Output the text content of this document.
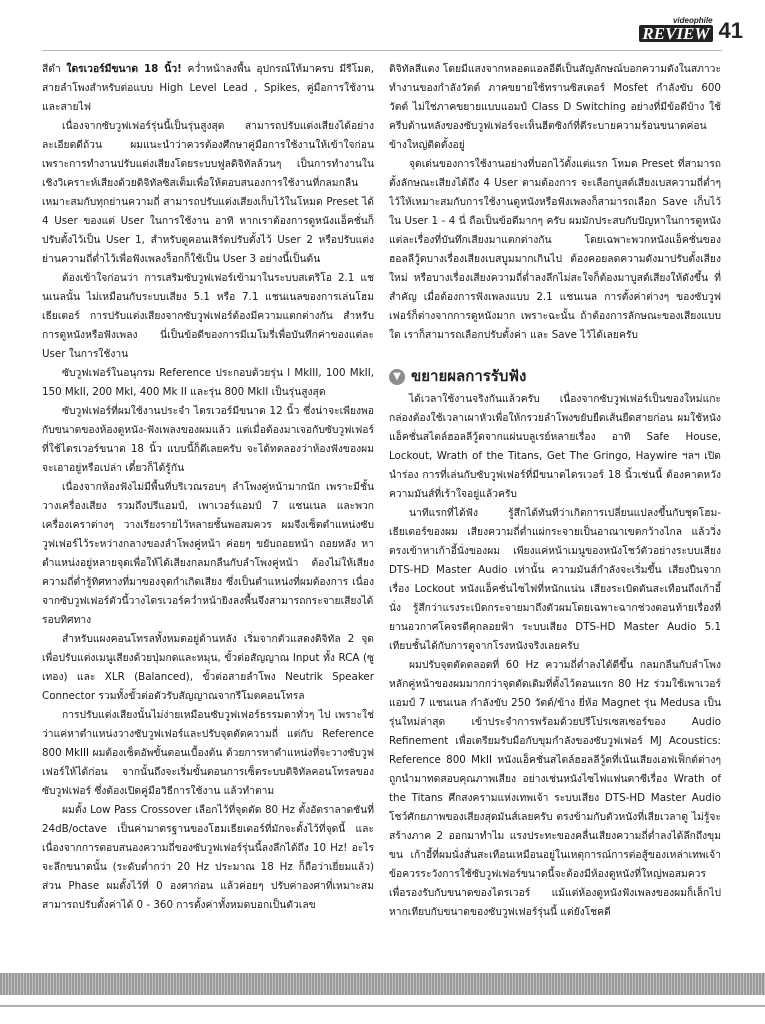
videophile
REVIEW 41

สีดำ ใดรเวอร์มีขนาด 18 นิ้ว! คว่ำหน้าลงพื้น อุปกรณ์ให้มาครบ มีรีโมต, สายลำโพงสำหรับต่อแบบ High Level Lead , Spikes, คู่มือการใช้งาน และสายไฟ

เนื่องจากซับวูฟเฟอร์รุ่นนี้เป็นรุ่นสูงสุด สามารถปรับแต่งเสียงได้อย่างละเอียดดีถ้วน ผมแนะนำว่าควรต้องศึกษาคู่มือการใช้งานให้เข้าใจก่อน เพราะการทำงานปรับแต่งเสียงโดยระบบฟูลดิจิทัลล้วนๆ เป็นการทำงานในเชิงวิเคราะห์เสียงด้วยดิจิทัลซิสเต็มเพื่อให้ตอบสนองการใช้งานที่กลมกลืนเหมาะสมกับทุกย่านความถี่ สามารถปรับแต่งเสียงเก็บไว้ในโหมด Preset ได้ 4 User ของแต่ User ในการใช้งาน อาทิ หากเราต้องการดูหนังแอ็คชั่นก็ปรับตั้งไว้เป็น User 1, สำหรับดูคอนเสิร์ตปรับตั้งไว้ User 2 หรือปรับแต่งย่านความถี่ต่ำไว้เพื่อฟังเพลงร็อกก็ใช้เป็น User 3 อย่างนี้เป็นต้น

ต้องเข้าใจก่อนว่า การเสริมซับวูฟเฟอร์เข้ามาในระบบสเตริโอ 2.1 แชนเนลนั้น ไม่เหมือนกับระบบเสียง 5.1 หรือ 7.1 แชนเนลของการเล่นโฮมเธียเตอร์ การปรับแต่งเสียงจากซับวูฟเฟอร์ต้องมีความแตกต่างกัน สำหรับการดูหนังหรือฟังเพลง นี่เป็นข้อดีของการมีเมโมรี่เพื่อบันทึกค่าของแต่ละ User ในการใช้งาน

ซับวูฟเฟอร์ในอนุกรม Reference ประกอบด้วยรุ่น l MkIII, 100 MkII, 150 MkII, 200 MkI, 400 Mk II และรุ่น 800 MkII เป็นรุ่นสูงสุด

ซับวูฟเฟอร์ที่ผมใช้งานประจำ ไดรเวอร์มีขนาด 12 นิ้ว ซึ่งน่าจะเพียงพอกับขนาดของห้องดูหนัง-ฟังเพลงของผมแล้ว แต่เมื่อต้องมาเจอกับซับวูฟเฟอร์ที่ใช้ไดรเวอร์ขนาด 18 นิ้ว แบบนี้ก็ดีเลยครับ จะได้ทดลองว่าห้องฟังของผมจะเอาอยู่หรือเปล่า เดี๋ยวก็ได้รู้กัน

เนื่องจากห้องฟังไม่มีพื้นที่บริเวณรอบๆ ลำโพงคู่หน้ามากนัก เพราะมีชั้นวางเครื่องเสียง รวมถึงปรีแอมป์, เพาเวอร์แอมป์ 7 แชนเนล และพวกเครื่องเคราต่างๆ วางเรียงรายไว้หลายชั้นพอสมควร ผมจึงเซ็ตตำแหน่งซับวูฟเฟอร์ไว้ระหว่างกลางของลำโพงคู่หน้า ค่อยๆ ขยับถอยหน้า ถอยหลัง หาตำแหน่งอยู่หลายจุดเพื่อให้ได้เสียงกลมกลืนกับลำโพงคู่หน้า ต้องไม่ให้เสียงความถี่ต่ำรู้ทิศทางที่มาของจุดกำเกิดเสียง ซึ่งเป็นตำแหน่งที่ผมต้องการ เนื่องจากซับวูฟเฟอร์ตัวนี้วางไดรเวอร์คว่ำหน้ายิงลงพื้นจึงสามารถกระจายเสียงได้รอบทิศทาง

สำหรับแผงคอนโทรลทั้งหมดอยู่ด้านหลัง เริ่มจากตัวแสดงดิจิทัล 2 จุด เพื่อปรับแต่งเมนูเสียงด้วยปุ่มกดและหมุน, ขั้วต่อสัญญาณ Input ทั้ง RCA (ซูเทอง) และ XLR (Balanced), ขั้วต่อสายลำโพง Neutrik Speaker Connector รวมทั้งขั้วต่อตัวรับสัญญาณจากรีโมตคอนโทรล

การปรับแต่งเสียงนั้นไม่ง่ายเหมือนซับวูฟเฟอร์ธรรมดาทั่วๆ ไป เพราะใช่ว่าแค่หาตำแหน่งวางซับวูฟเฟอร์และปรับจุดตัดความถี่ แต่กับ Reference 800 MkIII ผมต้องเซ็ตอัพขั้นตอนเบื้องต้น ด้วยการหาตำแหน่งที่จะวางซับวูฟเฟอร์ให้ได้ก่อน จากนั้นถึงจะเริ่มขั้นตอนการเซ็ตระบบดิจิทัลคอนโทรลของซับวูฟเฟอร์ ซึ่งต้องเปิดคู่มือวิธีการใช้งาน แล้วทำตาม

ผมตั้ง Low Pass Crossover เลือกไว้ที่จุดตัด 80 Hz ตั้งอัตราลาดชันที่ 24dB/octave เป็นค่ามาตรฐานของโฮมเธียเตอร์ที่มักจะตั้งไว้ที่จุดนี้ และเนื่องจากการตอบสนองความถี่ของซับวูฟเฟอร์รุ่นนี้ลงลึกได้ถึง 10 Hz! อะไรจะลึกขนาดนั้น (ระดับต่ำกว่า 20 Hz ประมาณ 18 Hz ก็ถือว่าเยี่ยมแล้ว) ส่วน Phase ผมตั้งไว้ที่ 0 องศาก่อน แล้วค่อยๆ ปรับค่าองศาที่เหมาะสม สามารถปรับตั้งค่าได้ 0 - 360 การตั้งค่าทั้งหมดบอกเป็นตัวเลข

ดิจิทัลสีแดง โดยมีแสงจากหลอดแอลอีดีเป็นสัญลักษณ์บอกความดังในสภาวะทำงานของกำลังวัตต์ ภาคขยายใช้ทรานซิสเตอร์ Mosfet กำลังขับ 600 วัตต์ ไม่ใช่ภาคขยายแบบแอมป์ Class D Switching อย่างที่มีข้อดีบ้าง ใช้ครีบด้านหลังของซับวูฟเฟอร์จะเห็นฮีตซิงก์ที่ดีระบายความร้อนขนาดค่อนข้างใหญ่ติดตั้งอยู่

จุดเด่นของการใช้งานอย่างที่บอกไว้ตั้งแต่แรก โหมด Preset ที่สามารถตั้งลักษณะเสียงได้ถึง 4 User ตามต้องการ จะเลือกบูสต์เสียงเบสความถี่ต่ำๆ ไว้ให้เหมาะสมกับการใช้งานดูหนังหรือฟังเพลงก็สามารถเลือก Save เก็บไว้ใน User 1 - 4 นี่ ถือเป็นข้อดีมากๆ ครับ ผมมักประสบกับปัญหาในการดูหนังแต่ละเรื่องที่บันทึกเสียงมาแตกต่างกัน โดยเฉพาะพวกหนังแอ็คชั่นของฮอลลีวู้ดบางเรื่องเสียงเบสบูมมากเกินไป ต้องคอยลดความดังมาปรับตั้งเสียงใหม่ หรือบางเรื่องเสียงความถี่ต่ำลงลึกไม่สะใจก็ต้องมาบูสต์เสียงให้ดังขึ้น ที่สำคัญ เมื่อต้องการฟังเพลงแบบ 2.1 แชนเนล การตั้งค่าต่างๆ ของซับวูฟเฟอร์ก็ต่างจากการดูหนังมาก เพราะฉะนั้น ถ้าต้องการลักษณะของเสียงแบบใด เราก็สามารถเลือกปรับตั้งค่า และ Save ไว้ได้เลยครับ

▼ ขยายผลการรับฟัง

ได้เวลาใช้งานจริงกันแล้วครับ เนื่องจากซับวูฟเฟอร์เป็นของใหม่แกะกล่องต้องใช้เวลาเผาหัวเพื่อให้กรวยลำโพงขยับยืดเส้นยืดสายก่อน ผมใช้หนังแอ็คชั่นสไตล์ฮอลลีวู้ดจากแผ่นบลูเรย์หลายเรื่อง อาทิ Safe House, Lockout, Wrath of the Titans, Get The Gringo, Haywire ฯลฯ เปิดนำร่อง การที่เล่นกับซับวูฟเฟอร์ที่มีขนาดไดรเวอร์ 18 นิ้วเช่นนี้ ต้องคาดหวังความมันส์ที่เร้าใจอยู่แล้วครับ

นาทีแรกที่ได้ฟัง รู้สึกได้ทันทีว่าเกิดการเปลี่ยนแปลงขึ้นกับชุดโฮม-เธียเตอร์ของผม เสียงความถี่ต่ำแผ่กระจายเป็นอาณาเขตกว้างไกล แล้ววิ่งตรงเข้าหาเก้าอี้นั่งของผม เพียงแค่หน้าเมนูของหนังโชว์ตัวอย่างระบบเสียง DTS-HD Master Audio เท่านั้น ความมันส์กำลังจะเริ่มขึ้น เสียงปืนจากเรื่อง Lockout หนังแอ็คชั่นไซไฟที่หนักแน่น เสียงระเบิดตันสะเทือนถึงเก้าอี้นั่ง รู้สึกว่าแรงระเบิดกระจายมาถึงตัวผมโดยเฉพาะฉากช่วงตอนท้ายเรื่องที่ยานอวกาศโคจรดีคุกลอยฟ้า ระบบเสียง DTS-HD Master Audio 5.1 เทียบชั้นได้กับการดูจากโรงหนังจริงเลยครับ

ผมปรับจุดตัดตลอดที่ 60 Hz ความถี่ต่ำลงได้ดีขึ้น กลมกลืนกับลำโพงหลักคู่หน้าของผมมากกว่าจุดตัดเดิมที่ตั้งไว้ตอนแรก 80 Hz ร่วมใช้เพาเวอร์แอมป์ 7 แชนเนล กำลังขับ 250 วัตต์/ข้าง ยี่ห้อ Magnet รุ่น Medusa เป็นรุ่นใหม่ล่าสุด เข้าประจำการพร้อมด้วยปรีโปรเซสเซอร์ของ Audio Refinement เพื่อเตรียมรับมือกับขุมกำลังของซับวูฟเฟอร์ MJ Acoustics: Reference 800 MkII หนังแอ็คชั่นสไตล์ฮอลลีวู้ดที่เน้นเสียงเอฟเฟ็กต์ต่างๆ ถูกนำมาทดสอบคุณภาพเสียง อย่างเช่นหนังไซไฟแฟนตาซีเรื่อง Wrath of the Titans ศึกสงครามแห่งเทพเจ้า ระบบเสียง DTS-HD Master Audio โชว์ศักยภาพของเสียงสุดมันส์เลยครับ ตรงข้ามกับตัวหนังที่เสียเวลาดู ไม่รู้จะสร้างภาค 2 ออกมาทำไม แรงประทะของคลื่นเสียงความถี่ต่ำลงได้ลึกถึงขุมขน เก้าอี้ที่ผมนั่งสั่นสะเทือนเหมือนอยู่ในเหตุการณ์การต่อสู้ของเหล่าเทพเจ้า ข้อควรระวังการใช้ซับวูฟเฟอร์ขนาดนี้จะต้องมีห้องดูหนังที่ใหญ่พอสมควรเพื่อรองรับกับขนาดของไดรเวอร์ แม้แต่ห้องดูหนังฟังเพลงของผมก็เล็กไป หากเทียบกับขนาดของซับวูฟเฟอร์รุ่นนี้ แต่ยังโชคดี
